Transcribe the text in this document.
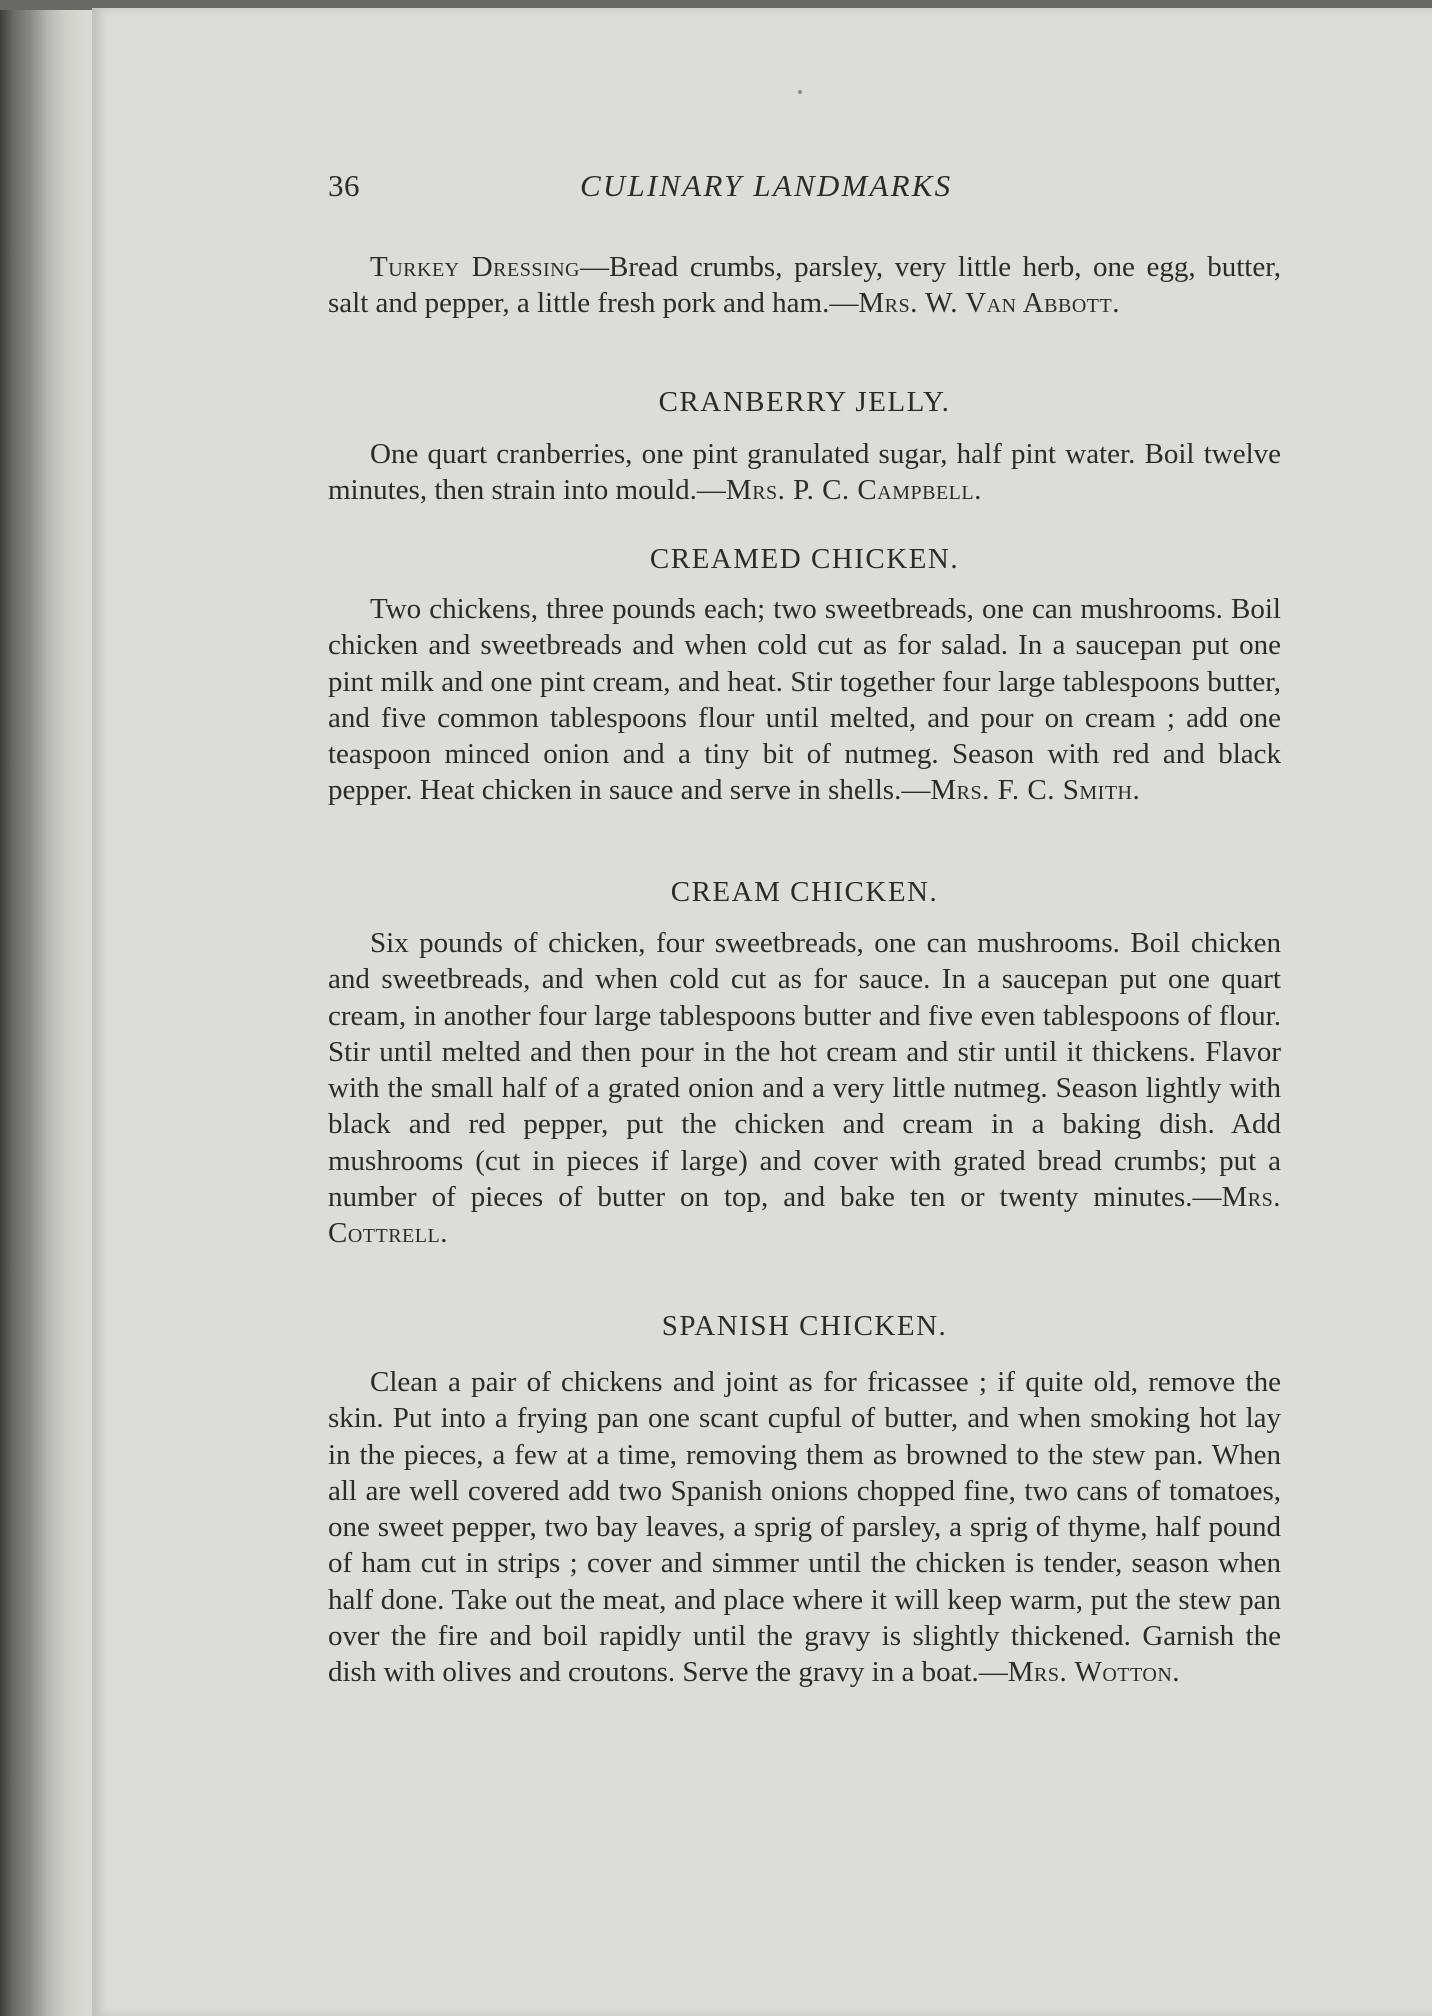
36	CULINARY LANDMARKS

Turkey Dressing—Bread crumbs, parsley, very little herb, one egg, butter, salt and pepper, a little fresh pork and ham.—Mrs. W. Van Abbott.

CRANBERRY JELLY.

One quart cranberries, one pint granulated sugar, half pint water. Boil twelve minutes, then strain into mould.—Mrs. P. C. Campbell.

CREAMED CHICKEN.

Two chickens, three pounds each; two sweetbreads, one can mushrooms. Boil chicken and sweetbreads and when cold cut as for salad. In a saucepan put one pint milk and one pint cream, and heat. Stir together four large tablespoons butter, and five common tablespoons flour until melted, and pour on cream ; add one teaspoon minced onion and a tiny bit of nutmeg. Season with red and black pepper. Heat chicken in sauce and serve in shells.—Mrs. F. C. Smith.

CREAM CHICKEN.

Six pounds of chicken, four sweetbreads, one can mushrooms. Boil chicken and sweetbreads, and when cold cut as for sauce. In a saucepan put one quart cream, in another four large tablespoons butter and five even tablespoons of flour. Stir until melted and then pour in the hot cream and stir until it thickens. Flavor with the small half of a grated onion and a very little nutmeg. Season lightly with black and red pepper, put the chicken and cream in a baking dish. Add mushrooms (cut in pieces if large) and cover with grated bread crumbs; put a number of pieces of butter on top, and bake ten or twenty minutes.—Mrs. Cottrell.

SPANISH CHICKEN.

Clean a pair of chickens and joint as for fricassee ; if quite old, remove the skin. Put into a frying pan one scant cupful of butter, and when smoking hot lay in the pieces, a few at a time, removing them as browned to the stew pan. When all are well covered add two Spanish onions chopped fine, two cans of tomatoes, one sweet pepper, two bay leaves, a sprig of parsley, a sprig of thyme, half pound of ham cut in strips ; cover and simmer until the chicken is tender, season when half done. Take out the meat, and place where it will keep warm, put the stew pan over the fire and boil rapidly until the gravy is slightly thickened. Garnish the dish with olives and croutons. Serve the gravy in a boat.—Mrs. Wotton.
